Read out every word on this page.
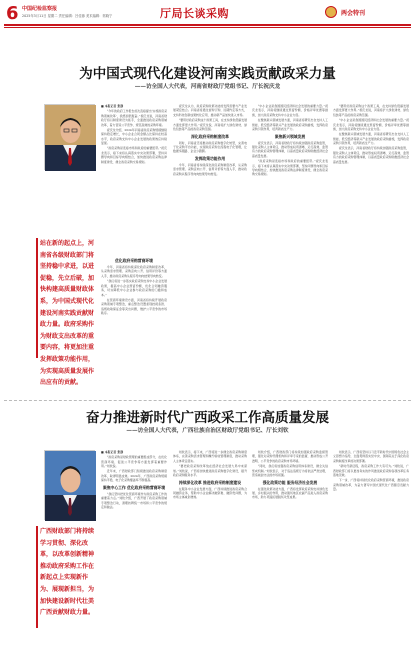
6 中国纪检监察报
2025年3月11日 星期二 责任编辑：吕佳蓉 美术编辑：郭晓宁	厅局长谈采购	两会特刊
为中国式现代化建设河南实践贡献政采力量
——访全国人大代表，河南省财政厅党组书记、厅长祝庆龙

■ 本报记者 张静

“今年的政府工作报告首次直接提出‘实施政府采购领域改革’，我感到很振奋。”祝庆龙说，河南省财政厅将以制度建设为抓手，全面推进政府采购领域改革，着力营造公平竞争、规范高效的采购环境。

祝庆龙介绍，2024年河南省政府采购规模继续保持稳定增长，中小企业合同金额占比保持在较高水平，政府采购支持中小企业发展的政策效应持续显现。

“政府采购是连接市场和政府的重要纽带。”祝庆龙表示，接下来将认真落实中央决策部署，坚持问题导向和目标导向相结合，加快推进政府采购法律制度建设，健全政府采购交易规则。

站在新的起点上，河南省各级财政部门将坚持稳中求进，以进促稳，先立后破，加快构建高质量财政体系，为中国式现代化建设河南实践贡献财政力量。政府采购作为财政支出改革的重要内容，将更加注重发挥政策功能作用，为实现高质量发展作出应有的贡献。
优化政府采购营商环境

今年，河南省将持续深化政府采购制度改革，从采购需求管理、采购意向公开、信用评价等方面入手，推动政府采购从程序导向向结果导向转变。

“我们将进一步落实政府采购支持中小企业发展政策，提高中小企业预留份额，优化合同融资服务，切实降低中小企业参与政府采购的门槛和成本。”

在营商环境建设方面，河南省将持续开展政府采购领域专项整治，重点整治设置差别歧视条款、违规收取保证金等突出问题，维护公平竞争的市场秩序。

祝庆龙认为，政府采购政策功能的发挥需要与产业发展紧密结合。河南省将通过首购订购、远期约定等方式，支持科技创新成果转化应用，推动新产品加快进入市场。

“要用好政府采购这个政策工具，在支持绿色低碳发展方面发挥更大作用。”祝庆龙说，河南将扩大绿色建材、绿色包装等产品的政府采购范围。

深化政府采购制度改革

同时，河南省还将推动政府采购数字化转型，完善电子化采购平台功能，实现政府采购全流程电子化管理，让数据多跑路、企业少跑腿。

发挥政策功能作用

今年，河南省将持续深化政府采购制度改革，从采购需求管理、采购意向公开、信用评价等方面入手，推动政府采购从程序导向向结果导向转变。

“中小企业是我国国民经济和社会发展的重要力量。”祝庆龙表示，河南将继续通过预留份额、价格评审优惠等措施，加大政府采购支持中小企业力度。

在聚焦新兴领域发展方面，河南省将研究出台支持人工智能、低空经济等新兴产业发展的政府采购措施，发挥政府采购引领作用，培育新质生产力。

聚焦新兴领域发展

祝庆龙表示，河南省财政厅将持续加强政府采购监管，强化采购人主体责任，推动形成权责清晰、运行高效、监管有力的政府采购管理体制，以高质量政府采购助推经济社会高质量发展。

“政府采购是连接市场和政府的重要纽带。”祝庆龙表示，接下来将认真落实中央决策部署，坚持问题导向和目标导向相结合，加快推进政府采购法律制度建设，健全政府采购交易规则。

“要用好政府采购这个政策工具，在支持绿色低碳发展方面发挥更大作用。”祝庆龙说，河南将扩大绿色建材、绿色包装等产品的政府采购范围。

“中小企业是我国国民经济和社会发展的重要力量。”祝庆龙表示，河南将继续通过预留份额、价格评审优惠等措施，加大政府采购支持中小企业力度。

在聚焦新兴领域发展方面，河南省将研究出台支持人工智能、低空经济等新兴产业发展的政府采购措施，发挥政府采购引领作用，培育新质生产力。

祝庆龙表示，河南省财政厅将持续加强政府采购监管，强化采购人主体责任，推动形成权责清晰、运行高效、监管有力的政府采购管理体制，以高质量政府采购助推经济社会高质量发展。

奋力推进新时代广西政采工作高质量发展
——访全国人大代表，广西壮族自治区财政厅党组书记、厅长刘钦

■ 本报记者 张静

“政府采购是财政管理的重要组成部分，在优化营商环境、促进公平竞争等方面发挥着重要作用。”刘钦说。

近年来，广西财政部门积极推进政府采购制度改革，取得明显成效。2024年，广西政府采购规模保持平稳，电子化采购覆盖率不断提高。

聚焦中心工作 优化政府采购营商环境

“我们坚持把优化营商环境作为政府采购工作的重要着力点。”刘钦介绍，广西开展了政府采购领域专项整治行动，清理妨碍统一市场和公平竞争的规定和做法。

广西财政部门将持续学习贯彻、深化改革，以改革创新精神推动政府采购工作在新起点上实现新作为、展现新担当，为加快建设新时代壮美广西贡献财政力量。

刘钦表示，接下来，广西将进一步健全政府采购制度体系，完善采购需求管理和履约验收管理制度，推动采购人主体责任落实。

“要把政府采购改革放在经济社会发展大局中来谋划。”刘钦说，广西将加快推进政府采购数字化建设，提升政府采购服务水平。

持续深化改革 推进政府采购制度建设

在服务中小企业发展方面，广西持续推进政府采购合同融资业务，帮助中小企业解决融资难、融资贵问题，为市场主体减负增效。

刘钦介绍，广西财政部门将持续加强政府采购监督管理，强化对采购代理机构和评审专家的监督，推动形成公开透明、公平竞争的政府采购市场环境。

“同时，我们将加强政府采购信用体系建设，健全失信惩戒机制。”刘钦表示，对于违法违规行为将依法严肃处理，营造诚信守法的市场氛围。

强化政策功能 服务经济社会发展

在强化政策功能方面，广西将发挥政府采购支持绿色发展、乡村振兴的作用，推动脱贫地区农副产品进入政府采购市场，助力巩固拓展脱贫攻坚成果。

刘钦表示，广西将坚持以习近平新时代中国特色社会主义思想为指导，全面贯彻落实党中央、国务院关于深化政府采购制度改革的决策部署。

“新时代新征程，政府采购工作大有可为。”刘钦说，广西财政部门将以更加务实的作风推进政府采购各项改革任务落地见效。

下一步，广西将持续优化政府采购营商环境，推进政府采购领域改革，为奋力谱写中国式现代化广西篇章贡献力量。
